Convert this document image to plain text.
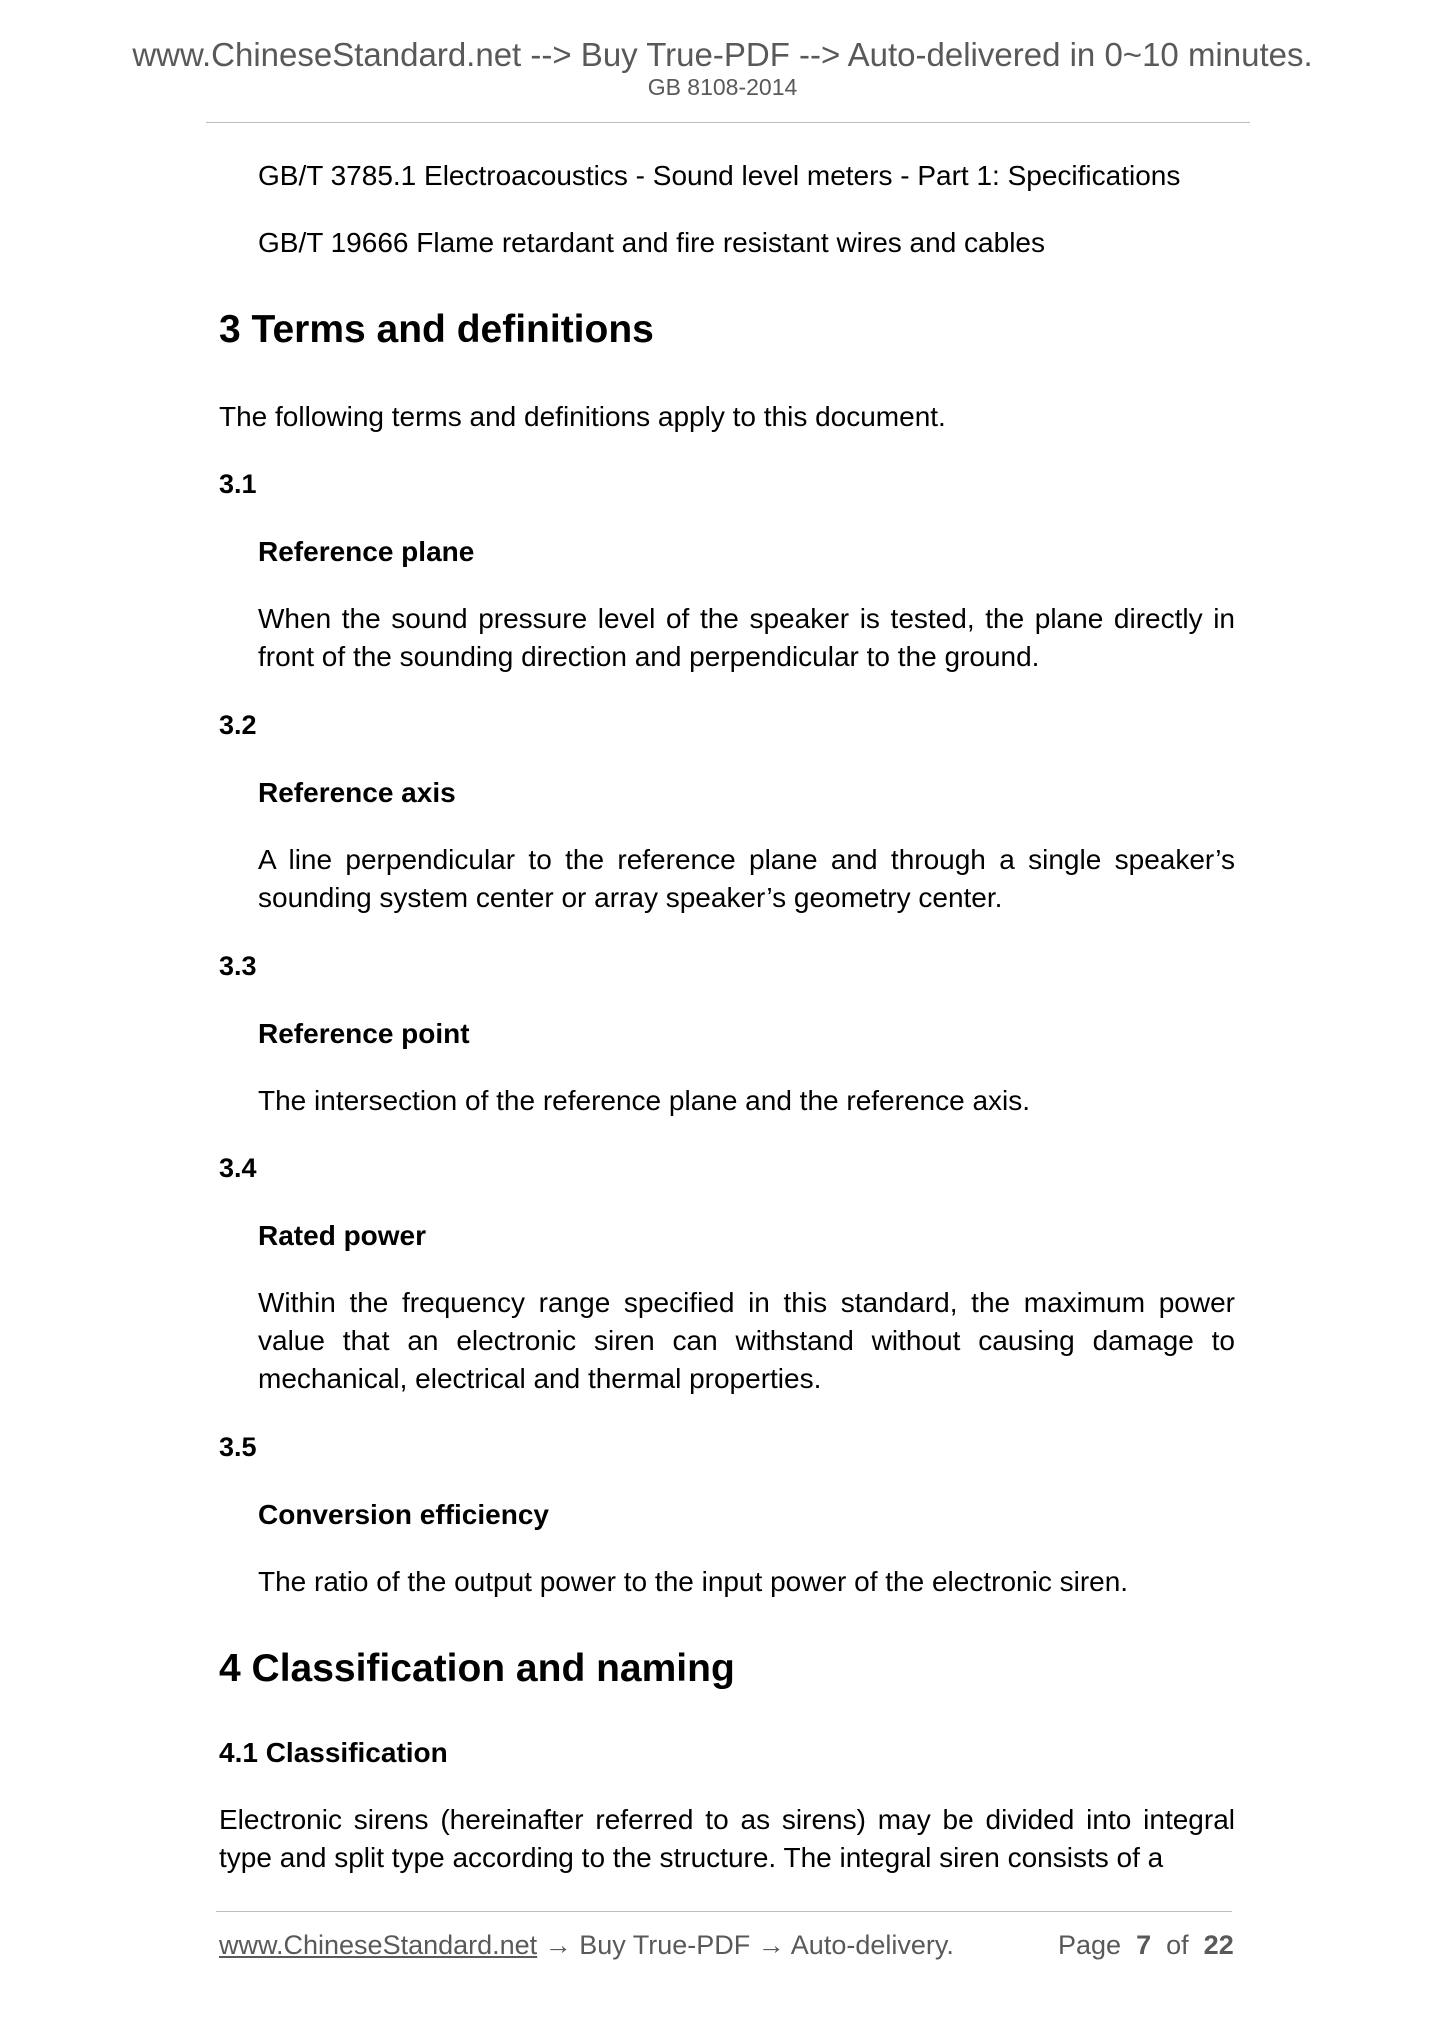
www.ChineseStandard.net --> Buy True-PDF --> Auto-delivered in 0~10 minutes.
GB 8108-2014

GB/T 3785.1 Electroacoustics - Sound level meters - Part 1: Specifications

GB/T 19666 Flame retardant and fire resistant wires and cables

3 Terms and definitions

The following terms and definitions apply to this document.

3.1

Reference plane

When the sound pressure level of the speaker is tested, the plane directly in front of the sounding direction and perpendicular to the ground.

3.2

Reference axis

A line perpendicular to the reference plane and through a single speaker’s sounding system center or array speaker’s geometry center.

3.3

Reference point

The intersection of the reference plane and the reference axis.

3.4

Rated power

Within the frequency range specified in this standard, the maximum power value that an electronic siren can withstand without causing damage to mechanical, electrical and thermal properties.

3.5

Conversion efficiency

The ratio of the output power to the input power of the electronic siren.

4 Classification and naming
4.1 Classification

Electronic sirens (hereinafter referred to as sirens) may be divided into integral type and split type according to the structure. The integral siren consists of a

www.ChineseStandard.net → Buy True-PDF → Auto-delivery.	Page 7 of 22
